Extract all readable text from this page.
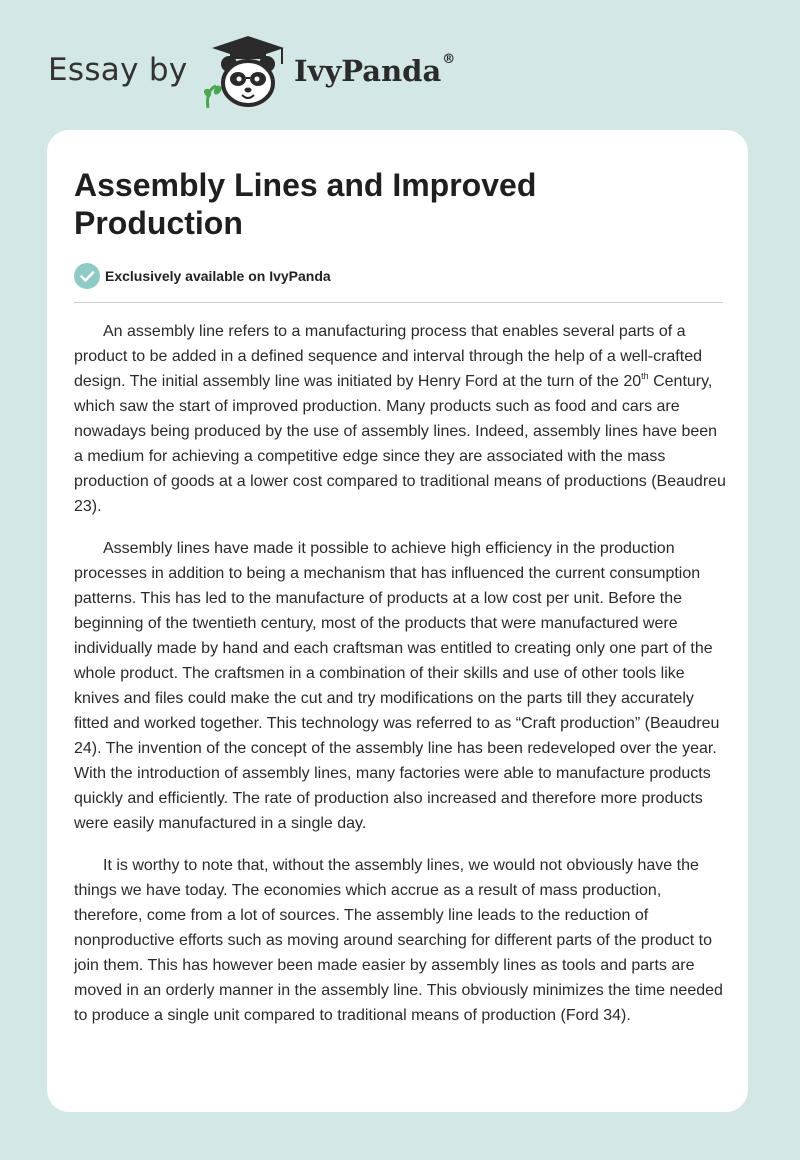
Essay by	IvyPanda®
Assembly Lines and Improved Production
Exclusively available on IvyPanda

An assembly line refers to a manufacturing process that enables several parts of a product to be added in a defined sequence and interval through the help of a well-crafted design. The initial assembly line was initiated by Henry Ford at the turn of the 20th Century, which saw the start of improved production. Many products such as food and cars are nowadays being produced by the use of assembly lines. Indeed, assembly lines have been a medium for achieving a competitive edge since they are associated with the mass production of goods at a lower cost compared to traditional means of productions (Beaudreu 23).

Assembly lines have made it possible to achieve high efficiency in the production processes in addition to being a mechanism that has influenced the current consumption patterns. This has led to the manufacture of products at a low cost per unit. Before the beginning of the twentieth century, most of the products that were manufactured were individually made by hand and each craftsman was entitled to creating only one part of the whole product. The craftsmen in a combination of their skills and use of other tools like knives and files could make the cut and try modifications on the parts till they accurately fitted and worked together. This technology was referred to as “Craft production” (Beaudreu 24). The invention of the concept of the assembly line has been redeveloped over the year. With the introduction of assembly lines, many factories were able to manufacture products quickly and efficiently. The rate of production also increased and therefore more products were easily manufactured in a single day.

It is worthy to note that, without the assembly lines, we would not obviously have the things we have today. The economies which accrue as a result of mass production, therefore, come from a lot of sources. The assembly line leads to the reduction of nonproductive efforts such as moving around searching for different parts of the product to join them. This has however been made easier by assembly lines as tools and parts are moved in an orderly manner in the assembly line. This obviously minimizes the time needed to produce a single unit compared to traditional means of production (Ford 34).
